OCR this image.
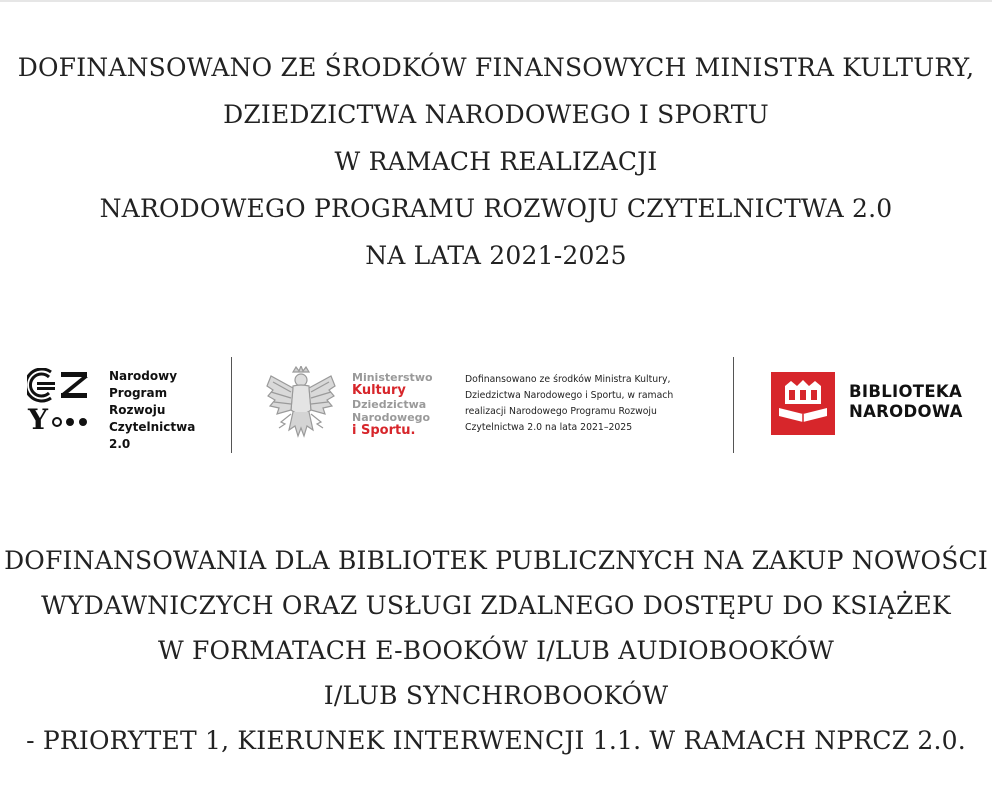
DOFINANSOWANO ZE ŚRODKÓW FINANSOWYCH MINISTRA KULTURY,
DZIEDZICTWA NARODOWEGO I SPORTU
W RAMACH REALIZACJI
NARODOWEGO PROGRAMU ROZWOJU CZYTELNICTWA 2.0
NA LATA 2021-2025
Y
Narodowy
Program
Rozwoju
Czytelnictwa
2.0
Ministerstwo
Kultury
Dziedzictwa
Narodowego
i Sportu.
Dofinansowano ze środków Ministra Kultury,
Dziedzictwa Narodowego i Sportu, w ramach
realizacji Narodowego Programu Rozwoju
Czytelnictwa 2.0 na lata 2021–2025
BIBLIOTEKA
NARODOWA
DOFINANSOWANIA DLA BIBLIOTEK PUBLICZNYCH NA ZAKUP NOWOŚCI
WYDAWNICZYCH ORAZ USŁUGI ZDALNEGO DOSTĘPU DO KSIĄŻEK
W FORMATACH E-BOOKÓW I/LUB AUDIOBOOKÓW
I/LUB SYNCHROBOOKÓW
- PRIORYTET 1, KIERUNEK INTERWENCJI 1.1. W RAMACH NPRCZ 2.0.
